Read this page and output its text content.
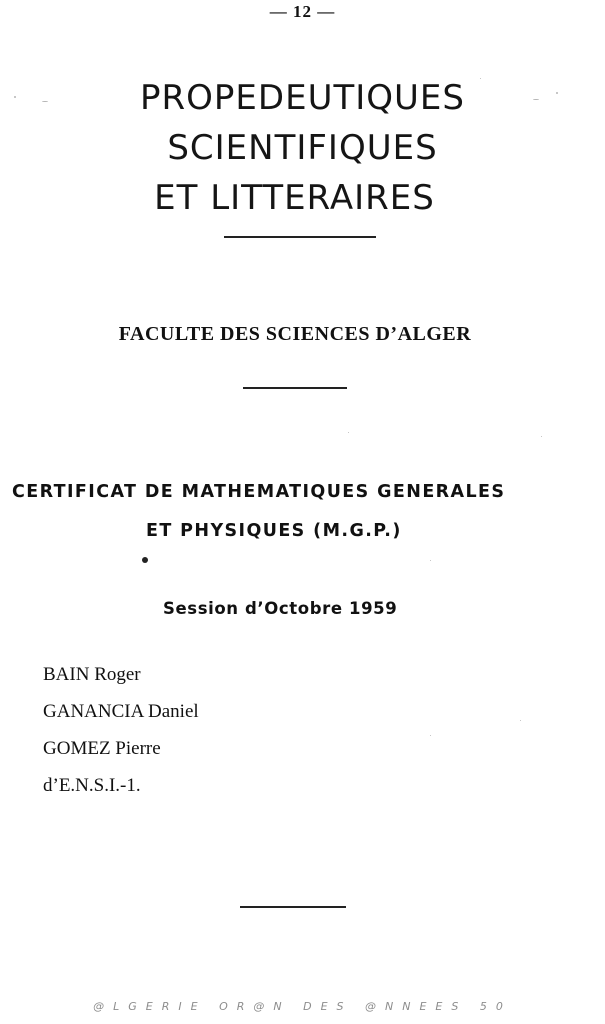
— 12 —
PROPEDEUTIQUES
SCIENTIFIQUES
ET LITTERAIRES
FACULTE DES SCIENCES D’ALGER
CERTIFICAT DE MATHEMATIQUES GENERALES
ET PHYSIQUES (M.G.P.)
Session d’Octobre 1959
BAIN Roger
GANANCIA Daniel
GOMEZ Pierre
d’E.N.S.I.-1.
@LGERIE OR@N DES @NNEES 50
